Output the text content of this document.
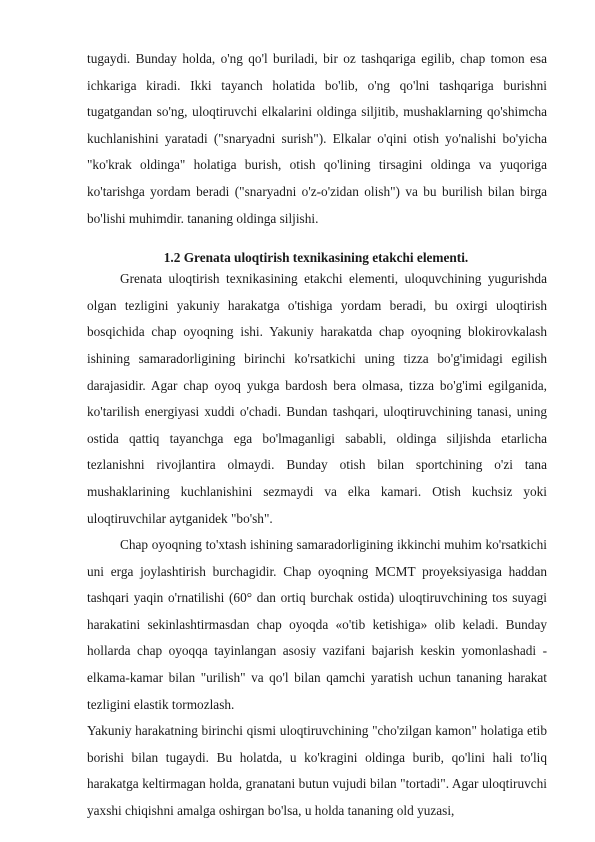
tugaydi. Bunday holda, o'ng qo'l buriladi, bir oz tashqariga egilib, chap tomon esa ichkariga kiradi. Ikki tayanch holatida bo'lib, o'ng qo'lni tashqariga burishni tugatgandan so'ng, uloqtiruvchi elkalarini oldinga siljitib, mushaklarning qo'shimcha kuchlanishini yaratadi ("snaryadni surish"). Elkalar o'qini otish yo'nalishi bo'yicha "ko'krak oldinga" holatiga burish, otish qo'lining tirsagini oldinga va yuqoriga ko'tarishga yordam beradi ("snaryadni o'z-o'zidan olish") va bu burilish bilan birga bo'lishi muhimdir. tananing oldinga siljishi.

1.2 Grenata uloqtirish texnikasining etakchi elementi.

Grenata uloqtirish texnikasining etakchi elementi, uloquvchining yugurishda olgan tezligini yakuniy harakatga o'tishiga yordam beradi, bu oxirgi uloqtirish bosqichida chap oyoqning ishi. Yakuniy harakatda chap oyoqning blokirovkalash ishining samaradorligining birinchi ko'rsatkichi uning tizza bo'g'imidagi egilish darajasidir. Agar chap oyoq yukga bardosh bera olmasa, tizza bo'g'imi egilganida, ko'tarilish energiyasi xuddi o'chadi. Bundan tashqari, uloqtiruvchining tanasi, uning ostida qattiq tayanchga ega bo'lmaganligi sababli, oldinga siljishda etarlicha tezlanishni rivojlantira olmaydi. Bunday otish bilan sportchining o'zi tana mushaklarining kuchlanishini sezmaydi va elka kamari. Otish kuchsiz yoki uloqtiruvchilar aytganidek "bo'sh".

Chap oyoqning to'xtash ishining samaradorligining ikkinchi muhim ko'rsatkichi uni erga joylashtirish burchagidir. Chap oyoqning MCMT proyeksiyasiga haddan tashqari yaqin o'rnatilishi (60° dan ortiq burchak ostida) uloqtiruvchining tos suyagi harakatini sekinlashtirmasdan chap oyoqda «o'tib ketishiga» olib keladi. Bunday hollarda chap oyoqqa tayinlangan asosiy vazifani bajarish keskin yomonlashadi - elkama-kamar bilan "urilish" va qo'l bilan qamchi yaratish uchun tananing harakat tezligini elastik tormozlash.

Yakuniy harakatning birinchi qismi uloqtiruvchining "cho'zilgan kamon" holatiga etib borishi bilan tugaydi. Bu holatda, u ko'kragini oldinga burib, qo'lini hali to'liq harakatga keltirmagan holda, granatani butun vujudi bilan "tortadi". Agar uloqtiruvchi yaxshi chiqishni amalga oshirgan bo'lsa, u holda tananing old yuzasi,
